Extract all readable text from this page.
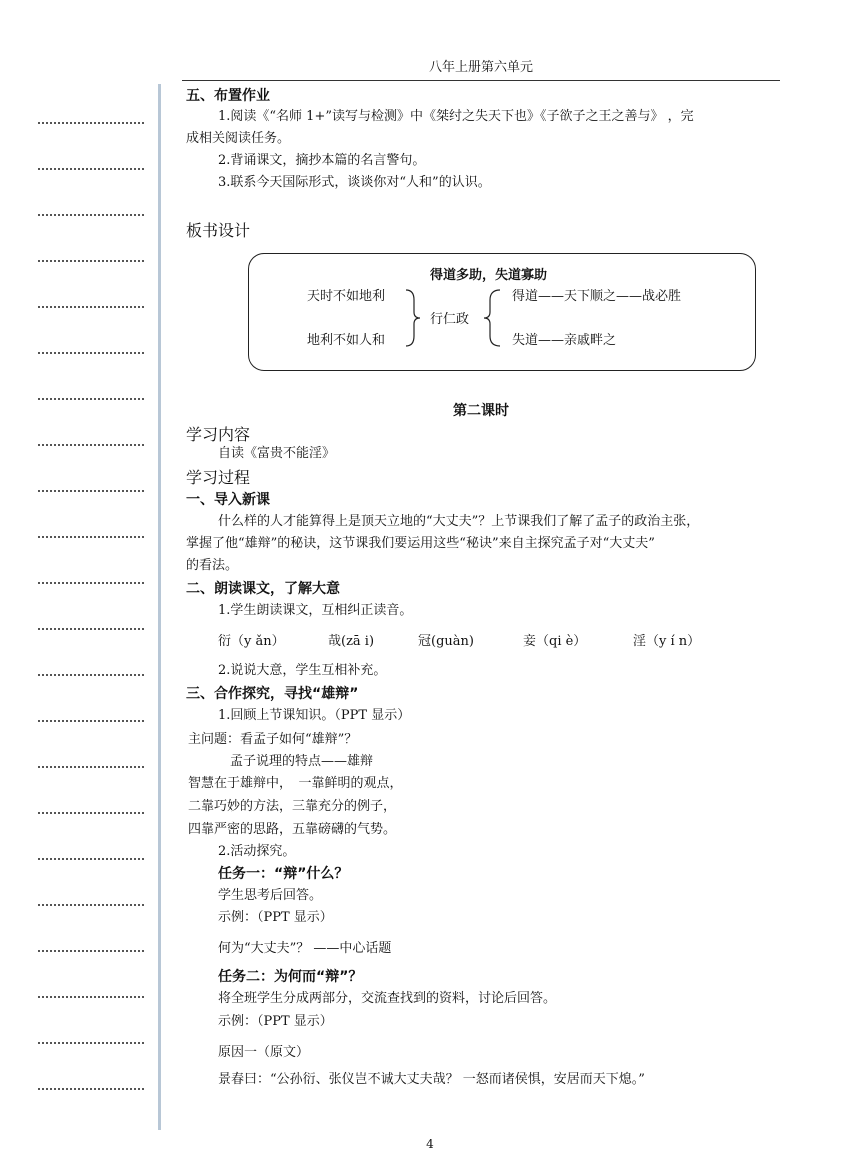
八年上册第六单元
五、布置作业
1.阅读《“名师 1+”读写与检测》中《桀纣之失天下也》《子欲子之王之善与》 ，完
成相关阅读任务。
2.背诵课文，摘抄本篇的名言警句。
3.联系今天国际形式，谈谈你对“人和”的认识。
板书设计
得道多助，失道寡助
天时不如地利
地利不如人和
行仁政
得道——天下顺之——战必胜
失道——亲戚畔之
第二课时
学习内容
自读《富贵不能淫》
学习过程
一、导入新课
什么样的人才能算得上是顶天立地的“大丈夫”？上节课我们了解了孟子的政治主张，
掌握了他“雄辩”的秘诀，这节课我们要运用这些“秘诀”来自主探究孟子对“大丈夫”
的看法。
二、朗读课文，了解大意
1.学生朗读课文，互相纠正读音。
衍（y ǎn）	哉(zā i)	冠(guàn)	妾（qi è）	淫（y í n）
2.说说大意，学生互相补充。
三、合作探究，寻找“雄辩”
1.回顾上节课知识。（PPT 显示）
主问题：看孟子如何“雄辩”？
孟子说理的特点——雄辩
智慧在于雄辩中，　一靠鲜明的观点，
二靠巧妙的方法，三靠充分的例子，
四靠严密的思路，五靠磅礴的气势。
2.活动探究。
任务一：“辩”什么？
学生思考后回答。
示例：（PPT 显示）
何为“大丈夫”？ ——中心话题
任务二：为何而“辩”？
将全班学生分成两部分，交流查找到的资料，讨论后回答。
示例：（PPT 显示）
原因一（原文）
景春曰：“公孙衍、张仪岂不诚大丈夫哉？ 一怒而诸侯惧，安居而天下熄。”
4
